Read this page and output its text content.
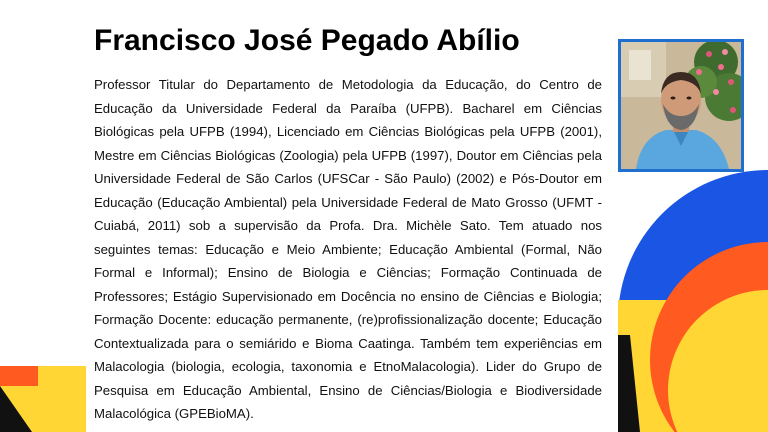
Francisco José Pegado Abílio

Professor Titular do Departamento de Metodologia da Educação, do Centro de Educação da Universidade Federal da Paraíba (UFPB). Bacharel em Ciências Biológicas pela UFPB (1994), Licenciado em Ciências Biológicas pela UFPB (2001), Mestre em Ciências Biológicas (Zoologia) pela UFPB (1997), Doutor em Ciências pela Universidade Federal de São Carlos (UFSCar - São Paulo) (2002) e Pós-Doutor em Educação (Educação Ambiental) pela Universidade Federal de Mato Grosso (UFMT - Cuiabá, 2011) sob a supervisão da Profa. Dra. Michèle Sato. Tem atuado nos seguintes temas: Educação e Meio Ambiente; Educação Ambiental (Formal, Não Formal e Informal); Ensino de Biologia e Ciências; Formação Continuada de Professores; Estágio Supervisionado em Docência no ensino de Ciências e Biologia; Formação Docente: educação permanente, (re)profissionalização docente; Educação Contextualizada para o semiárido e Bioma Caatinga. Também tem experiências em Malacologia (biologia, ecologia, taxonomia e EtnoMalacologia). Lider do Grupo de Pesquisa em Educação Ambiental, Ensino de Ciências/Biologia e Biodiversidade Malacológica (GPEBioMA).
